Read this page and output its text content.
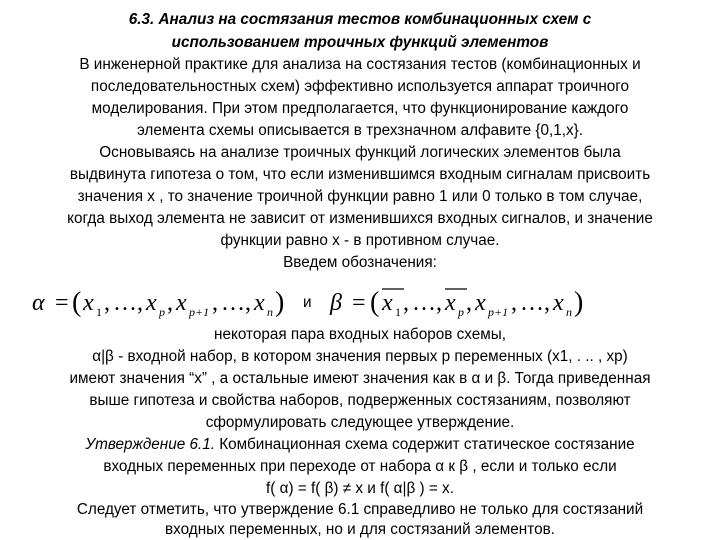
6.3. Анализ на состязания тестов комбинационных схем с
использованием троичных функций элементов
В инженерной практике для анализа на состязания тестов (комбинационных и
последовательностных схем) эффективно используется аппарат троичного
моделирования. При этом предполагается, что функционирование каждого
элемента схемы описывается в трехзначном алфавите {0,1,x}.
Основываясь на анализе троичных функций логических элементов была
выдвинута гипотеза о том, что если изменившимся входным сигналам присвоить
значения x , то значение троичной функции равно 1 или 0 только в том случае,
когда выход элемента не зависит от изменившихся входных сигналов, и значение
функции равно x - в противном случае.
Введем обозначения:
α = ( x 1 , … , x p , x p+1 , … , x n ) и β = ( x 1 , … , x p , x p+1 , … , x n )
некоторая пара входных наборов схемы,
α|β - входной набор, в котором значения первых p переменных (x1, . .. , xp)
имеют значения “x” , а остальные имеют значения как в α и β. Тогда приведенная
выше гипотеза и свойства наборов, подверженных состязаниям, позволяют
сформулировать следующее утверждение.
Утверждение 6.1. Комбинационная схема содержит статическое состязание
входных переменных при переходе от набора α к β , если и только если
f( α) = f( β) ≠ x и f( α|β ) = x.
Следует отметить, что утверждение 6.1 справедливо не только для состязаний
входных переменных, но и для состязаний элементов.
